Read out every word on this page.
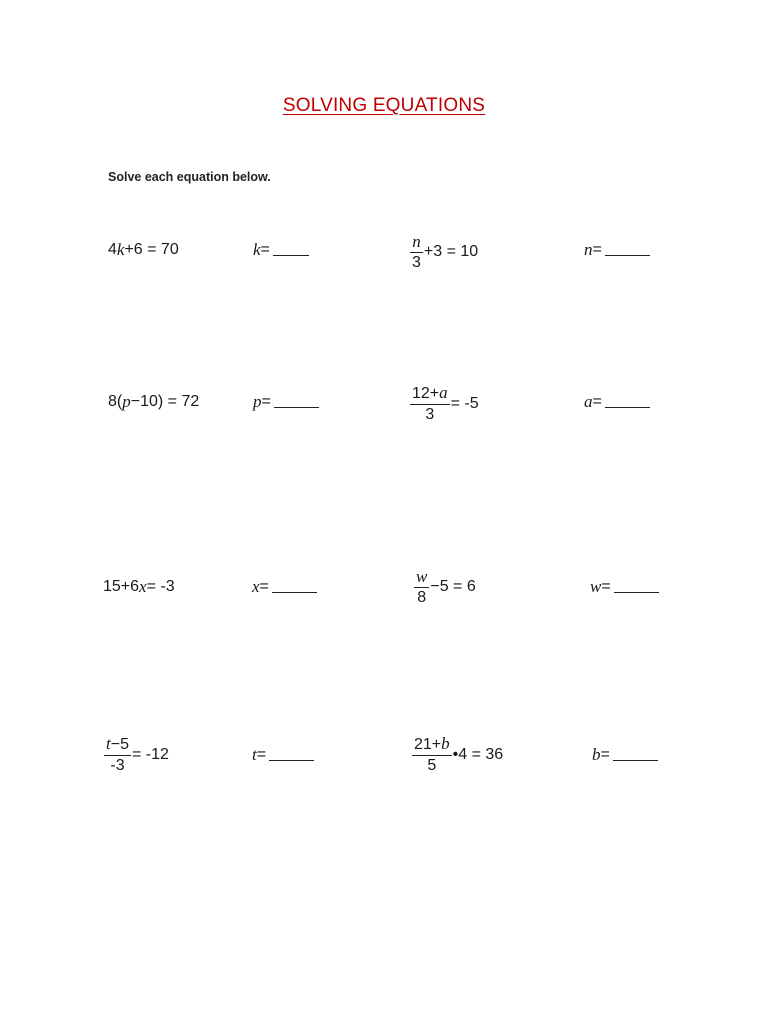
SOLVING EQUATIONS
Solve each equation below.
4 k +6 = 70	k =	$\frac{n}{3} +3 = 10$	n =
8( p −10) = 72	p =	$\frac{12+a}{3} = -5$	a =
15+6 x = -3	x =	$\frac{w}{8} -5 = 6$	w =
$\frac{t-5}{-3} = -12$	t =	$\frac{21+b}{5}$ •4 = 36	b =
